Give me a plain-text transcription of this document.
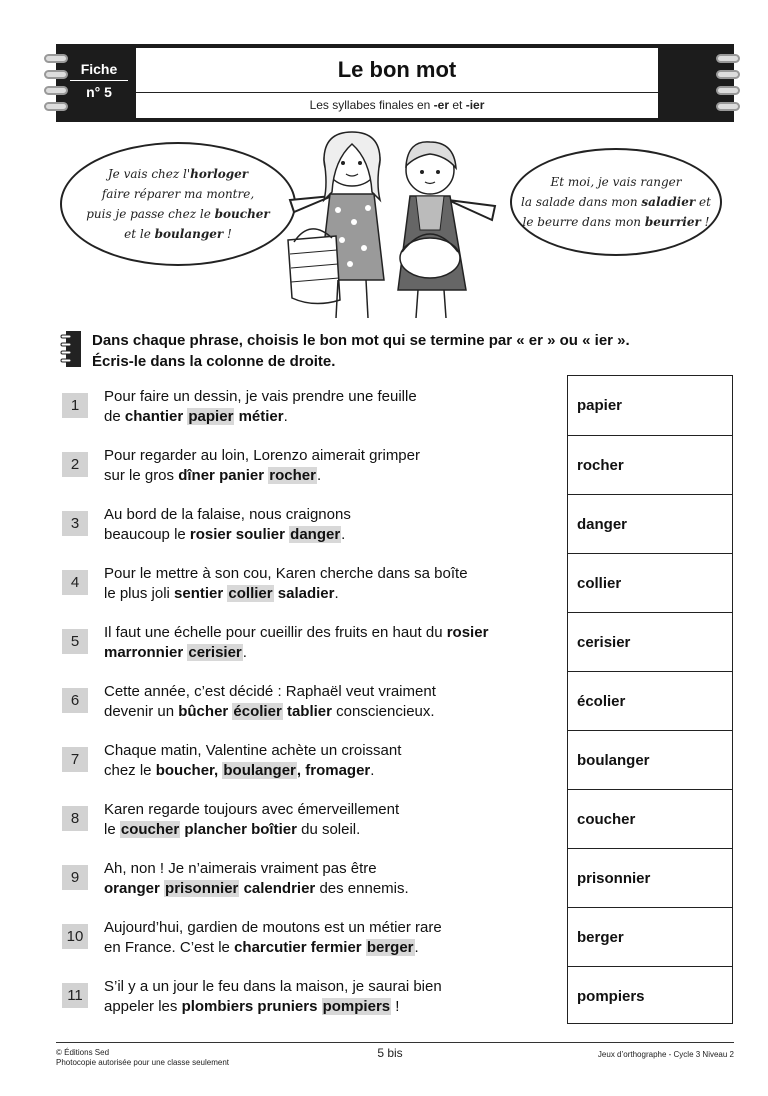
Fiche
n° 5
Le bon mot
Les syllabes finales en -er et -ier
Je vais chez l'horloger
faire réparer ma montre,
puis je passe chez le boucher
et le boulanger !
Et moi, je vais ranger
la salade dans mon saladier et
le beurre dans mon beurrier !
Dans chaque phrase, choisis le bon mot qui se termine par « er » ou « ier ».
Écris-le dans la colonne de droite.
1
Pour faire un dessin, je vais prendre une feuille
de chantier papier métier.
2
Pour regarder au loin, Lorenzo aimerait grimper
sur le gros dîner panier rocher.
3
Au bord de la falaise, nous craignons
beaucoup le rosier soulier danger.
4
Pour le mettre à son cou, Karen cherche dans sa boîte
le plus joli sentier collier saladier.
5
Il faut une échelle pour cueillir des fruits en haut du rosier
marronnier cerisier.
6
Cette année, c’est décidé : Raphaël veut vraiment
devenir un bûcher écolier tablier consciencieux.
7
Chaque matin, Valentine achète un croissant
chez le boucher, boulanger, fromager.
8
Karen regarde toujours avec émerveillement
le coucher plancher boîtier du soleil.
9
Ah, non ! Je n’aimerais vraiment pas être
oranger prisonnier calendrier des ennemis.
10
Aujourd’hui, gardien de moutons est un métier rare
en France. C’est le charcutier fermier berger.
11
S’il y a un jour le feu dans la maison, je saurai bien
appeler les plombiers pruniers pompiers !
papier
rocher
danger
collier
cerisier
écolier
boulanger
coucher
prisonnier
berger
pompiers
© Éditions Sed
Photocopie autorisée pour une classe seulement
5 bis	Jeux d’orthographe - Cycle 3 Niveau 2
